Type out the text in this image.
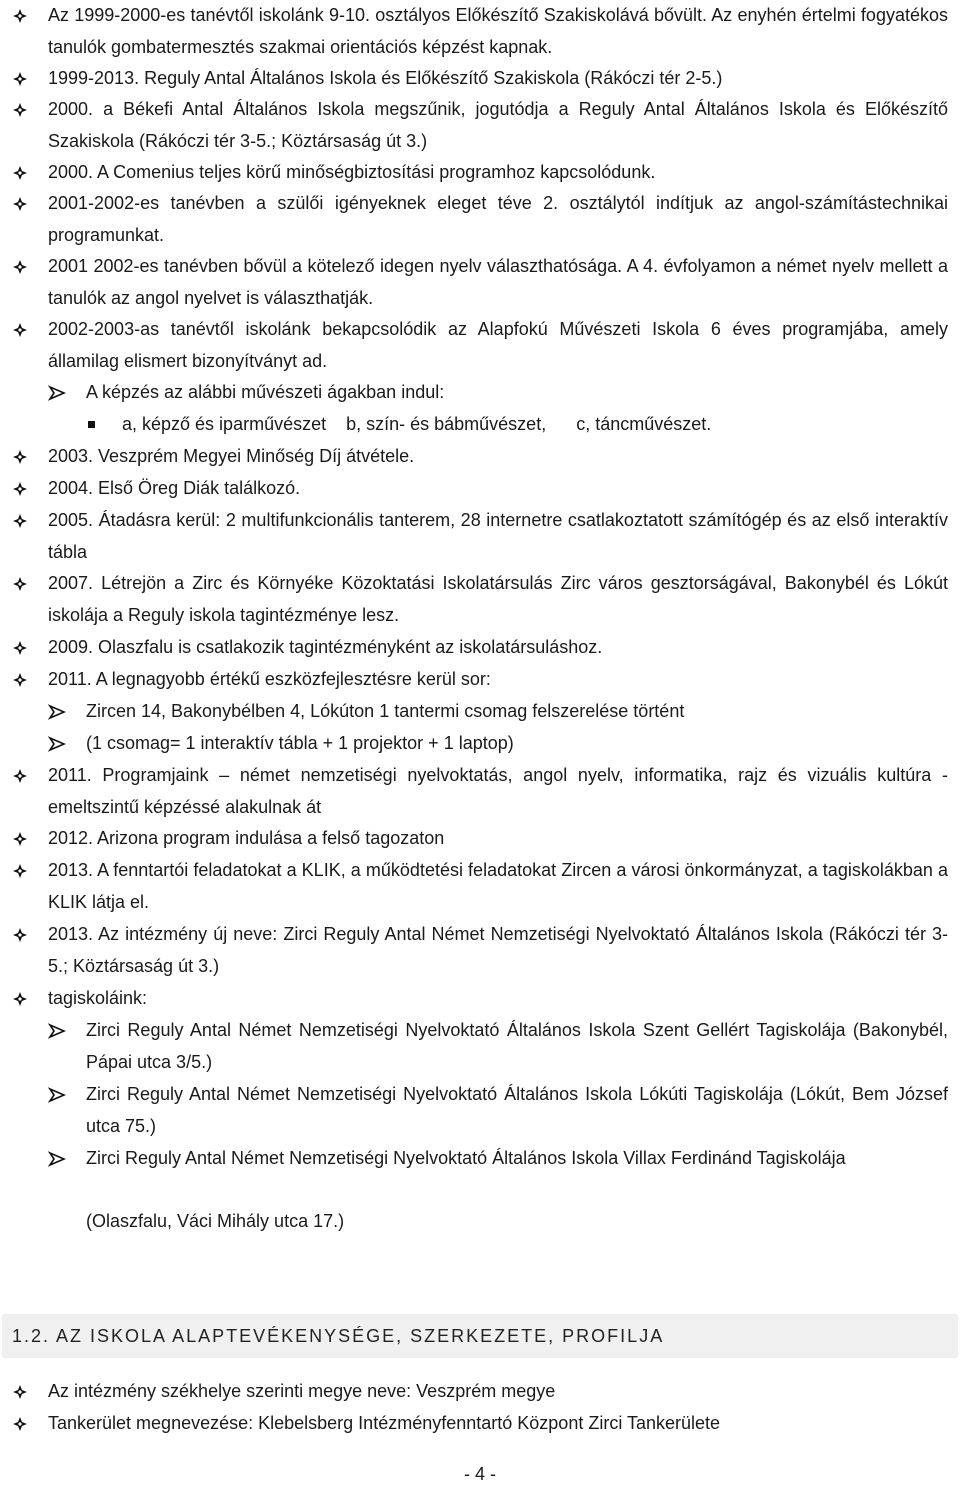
Az 1999-2000-es tanévtől iskolánk 9-10. osztályos Előkészítő Szakiskolává bővült. Az enyhén értelmi fogyatékos tanulók gombatermesztés szakmai orientációs képzést kapnak.
1999-2013. Reguly Antal Általános Iskola és Előkészítő Szakiskola (Rákóczi tér 2-5.)
2000. a Békefi Antal Általános Iskola megszűnik, jogutódja a Reguly Antal Általános Iskola és Előkészítő Szakiskola (Rákóczi tér 3-5.; Köztársaság út 3.)
2000. A Comenius teljes körű minőségbiztosítási programhoz kapcsolódunk.
2001-2002-es tanévben a szülői igényeknek eleget téve 2. osztálytól indítjuk az angol-számítástechnikai programunkat.
2001 2002-es tanévben bővül a kötelező idegen nyelv választhatósága. A 4. évfolyamon a német nyelv mellett a tanulók az angol nyelvet is választhatják.
2002-2003-as tanévtől iskolánk bekapcsolódik az Alapfokú Művészeti Iskola 6 éves programjába, amely államilag elismert bizonyítványt ad.
A képzés az alábbi művészeti ágakban indul:
a, képző és iparművészet    b, szín- és bábművészet,      c, táncművészet.
2003. Veszprém Megyei Minőség Díj átvétele.
2004. Első Öreg Diák találkozó.
2005. Átadásra kerül: 2 multifunkcionális tanterem, 28 internetre csatlakoztatott számítógép és az első interaktív tábla
2007. Létrejön a Zirc és Környéke Közoktatási Iskolatársulás Zirc város gesztorságával, Bakonybél és Lókút iskolája a Reguly iskola tagintézménye lesz.
2009. Olaszfalu is csatlakozik tagintézményként az iskolatársuláshoz.
2011. A legnagyobb értékű eszközfejlesztésre kerül sor:
Zircen 14, Bakonybélben 4, Lókúton 1 tantermi csomag felszerelése történt
(1 csomag= 1 interaktív tábla + 1 projektor + 1 laptop)
2011. Programjaink – német nemzetiségi nyelvoktatás, angol nyelv, informatika, rajz és vizuális kultúra - emeltszintű képzéssé alakulnak át
2012. Arizona program indulása a felső tagozaton
2013. A fenntartói feladatokat a KLIK, a működtetési feladatokat Zircen a városi önkormányzat, a tagiskolákban a KLIK látja el.
2013. Az intézmény új neve: Zirci Reguly Antal Német Nemzetiségi Nyelvoktató Általános Iskola (Rákóczi tér 3-5.; Köztársaság út 3.)
tagiskoláink:
Zirci Reguly Antal Német Nemzetiségi Nyelvoktató Általános Iskola Szent Gellért Tagiskolája (Bakonybél, Pápai utca 3/5.)
Zirci Reguly Antal Német Nemzetiségi Nyelvoktató Általános Iskola Lókúti Tagiskolája (Lókút, Bem József utca 75.)
Zirci Reguly Antal Német Nemzetiségi Nyelvoktató Általános Iskola Villax Ferdinánd Tagiskolája
(Olaszfalu, Váci Mihály utca 17.)
1.2. AZ ISKOLA ALAPTEVÉKENYSÉGE, SZERKEZETE, PROFILJA
Az intézmény székhelye szerinti megye neve: Veszprém megye
Tankerület megnevezése: Klebelsberg Intézményfenntartó Központ Zirci Tankerülete
- 4 -
